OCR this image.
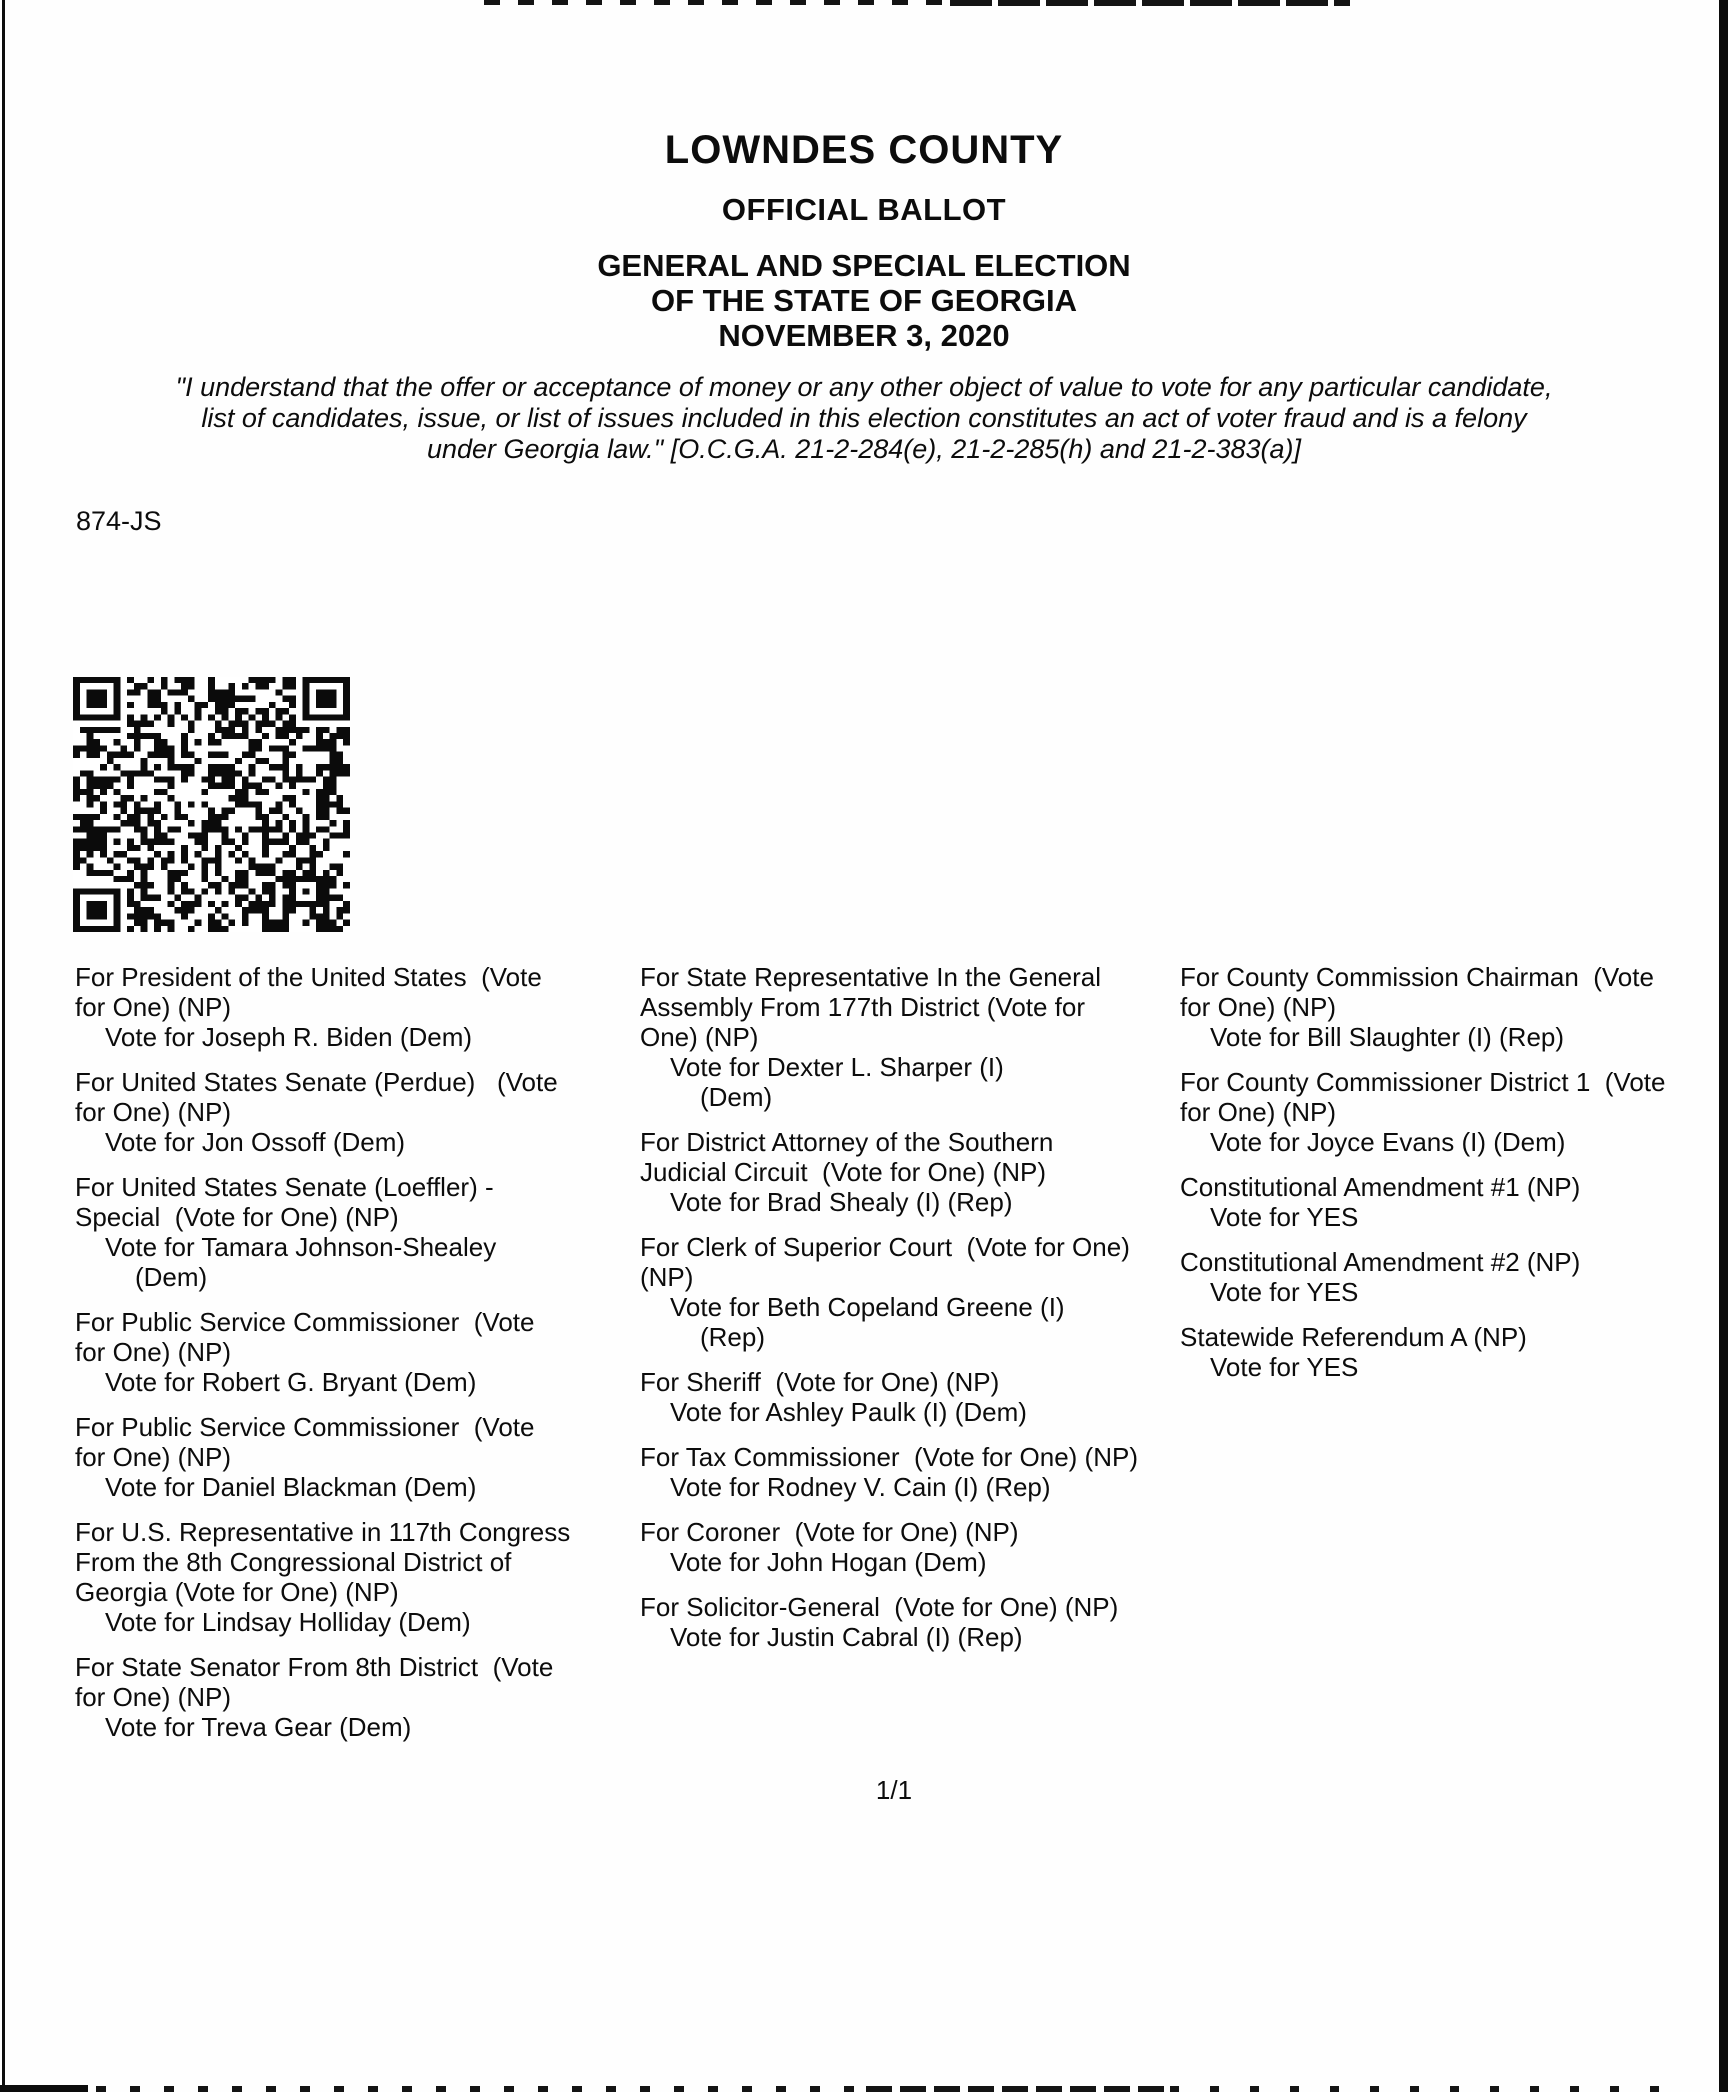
LOWNDES COUNTY
OFFICIAL BALLOT
GENERAL AND SPECIAL ELECTION
OF THE STATE OF GEORGIA
NOVEMBER 3, 2020
"I understand that the offer or acceptance of money or any other object of value to vote for any particular candidate,
list of candidates, issue, or list of issues included in this election constitutes an act of voter fraud and is a felony
under Georgia law." [O.C.G.A. 21-2-284(e), 21-2-285(h) and 21-2-383(a)]
874-JS
For President of the United States  (Vote
for One) (NP)
Vote for Joseph R. Biden (Dem)
For United States Senate (Perdue)   (Vote
for One) (NP)
Vote for Jon Ossoff (Dem)
For United States Senate (Loeffler) -
Special  (Vote for One) (NP)
Vote for Tamara Johnson-Shealey
(Dem)
For Public Service Commissioner  (Vote
for One) (NP)
Vote for Robert G. Bryant (Dem)
For Public Service Commissioner  (Vote
for One) (NP)
Vote for Daniel Blackman (Dem)
For U.S. Representative in 117th Congress
From the 8th Congressional District of
Georgia (Vote for One) (NP)
Vote for Lindsay Holliday (Dem)
For State Senator From 8th District  (Vote
for One) (NP)
Vote for Treva Gear (Dem)
For State Representative In the General
Assembly From 177th District (Vote for
One) (NP)
Vote for Dexter L. Sharper (I)
(Dem)
For District Attorney of the Southern
Judicial Circuit  (Vote for One) (NP)
Vote for Brad Shealy (I) (Rep)
For Clerk of Superior Court  (Vote for One)
(NP)
Vote for Beth Copeland Greene (I)
(Rep)
For Sheriff  (Vote for One) (NP)
Vote for Ashley Paulk (I) (Dem)
For Tax Commissioner  (Vote for One) (NP)
Vote for Rodney V. Cain (I) (Rep)
For Coroner  (Vote for One) (NP)
Vote for John Hogan (Dem)
For Solicitor-General  (Vote for One) (NP)
Vote for Justin Cabral (I) (Rep)
For County Commission Chairman  (Vote
for One) (NP)
Vote for Bill Slaughter (I) (Rep)
For County Commissioner District 1  (Vote
for One) (NP)
Vote for Joyce Evans (I) (Dem)
Constitutional Amendment #1 (NP)
Vote for YES
Constitutional Amendment #2 (NP)
Vote for YES
Statewide Referendum A (NP)
Vote for YES
1/1
